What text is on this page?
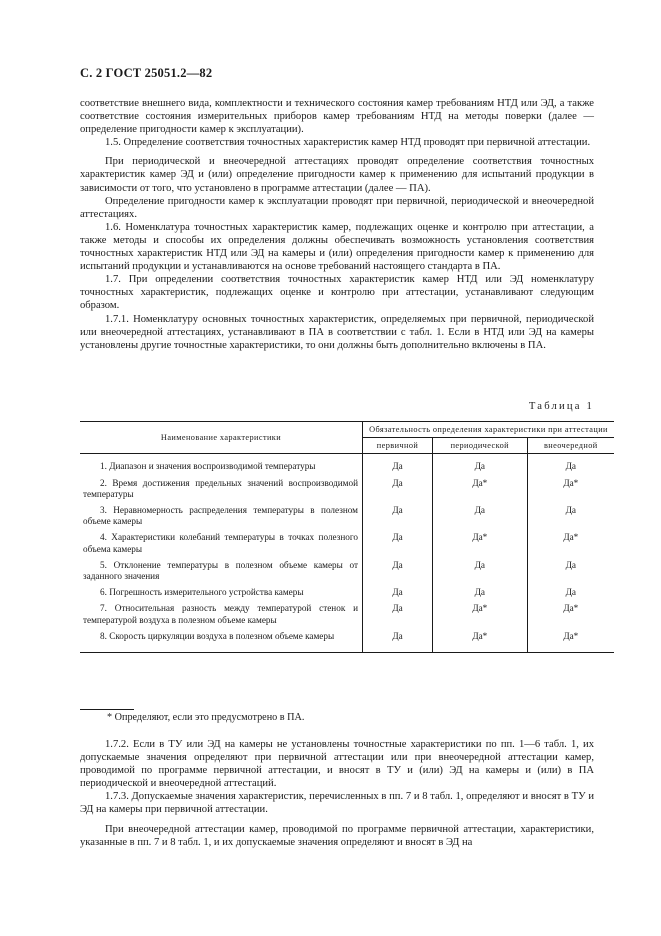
С. 2 ГОСТ 25051.2—82

соответствие внешнего вида, комплектности и технического состояния камер требованиям НТД или ЭД, а также соответствие состояния измерительных приборов камер требованиям НТД на методы поверки (далее — определение пригодности камер к эксплуатации).

1.5. Определение соответствия точностных характеристик камер НТД проводят при первичной аттестации.

При периодической и внеочередной аттестациях проводят определение соответствия точностных характеристик камер ЭД и (или) определение пригодности камер к применению для испытаний продукции в зависимости от того, что установлено в программе аттестации (далее — ПА).

Определение пригодности камер к эксплуатации проводят при первичной, периодической и внеочередной аттестациях.

1.6. Номенклатура точностных характеристик камер, подлежащих оценке и контролю при аттестации, а также методы и способы их определения должны обеспечивать возможность установления соответствия точностных характеристик НТД или ЭД на камеры и (или) определения пригодности камер к применению для испытаний продукции и устанавливаются на основе требований настоящего стандарта в ПА.

1.7. При определении соответствия точностных характеристик камер НТД или ЭД номенклатуру точностных характеристик, подлежащих оценке и контролю при аттестации, устанавливают следующим образом.

1.7.1. Номенклатуру основных точностных характеристик, определяемых при первичной, периодической или внеочередной аттестациях, устанавливают в ПА в соответствии с табл. 1. Если в НТД или ЭД на камеры установлены другие точностные характеристики, то они должны быть дополнительно включены в ПА.

Таблица 1
Наименование характеристики	Обязательность определения характеристики при аттестации		
	первичной	периодической	внеочередной
1. Диапазон и значения воспроизводимой температуры	Да	Да	Да
2. Время достижения предельных значений воспроизводимой температуры	Да	Да*	Да*
3. Неравномерность распределения температуры в полезном объеме камеры	Да	Да	Да
4. Характеристики колебаний температуры в точках полезного объема камеры	Да	Да*	Да*
5. Отклонение температуры в полезном объеме камеры от заданного значения	Да	Да	Да
6. Погрешность измерительного устройства камеры	Да	Да	Да
7. Относительная разность между температурой стенок и температурой воздуха в полезном объеме камеры	Да	Да*	Да*
8. Скорость циркуляции воздуха в полезном объеме камеры	Да	Да*	Да*
* Определяют, если это предусмотрено в ПА.

1.7.2. Если в ТУ или ЭД на камеры не установлены точностные характеристики по пп. 1—6 табл. 1, их допускаемые значения определяют при первичной аттестации или при внеочередной аттестации камер, проводимой по программе первичной аттестации, и вносят в ТУ и (или) ЭД на камеры и (или) в ПА периодической и внеочередной аттестаций.

1.7.3. Допускаемые значения характеристик, перечисленных в пп. 7 и 8 табл. 1, определяют и вносят в ТУ и ЭД на камеры при первичной аттестации.

При внеочередной аттестации камер, проводимой по программе первичной аттестации, характеристики, указанные в пп. 7 и 8 табл. 1, и их допускаемые значения определяют и вносят в ЭД на
